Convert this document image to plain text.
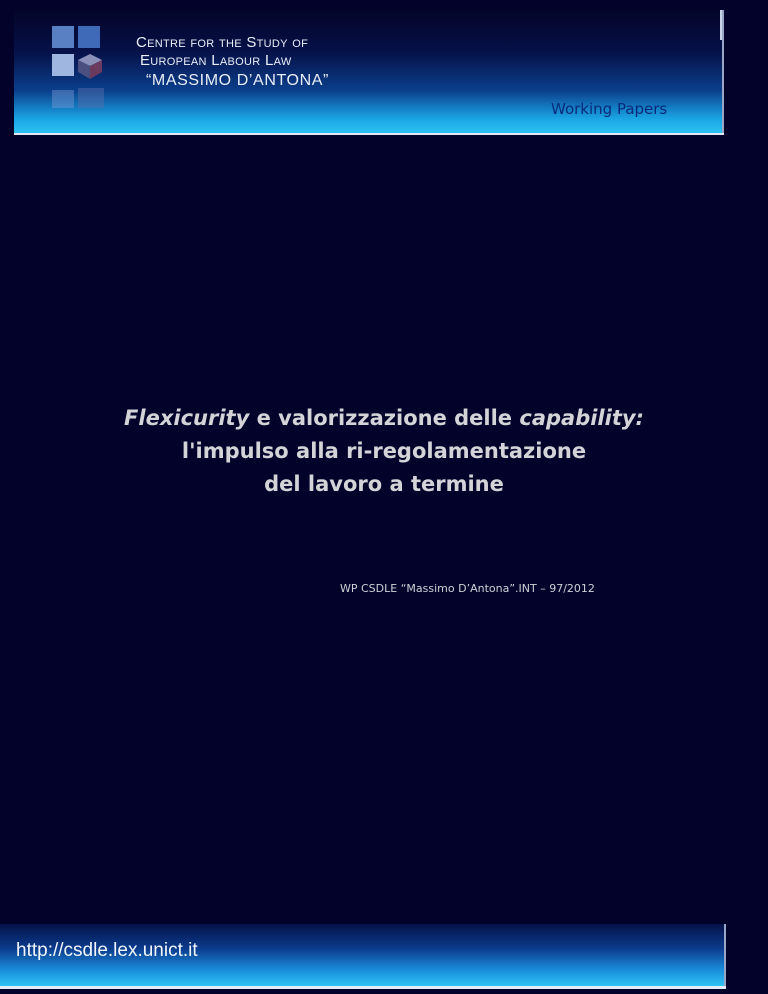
Centre for the Study of
European Labour Law
“MASSIMO D’ANTONA”
Working Papers
Flexicurity e valorizzazione delle capability:
l'impulso alla ri-regolamentazione
del lavoro a termine
WP CSDLE “Massimo D’Antona”.INT – 97/2012
http://csdle.lex.unict.it
